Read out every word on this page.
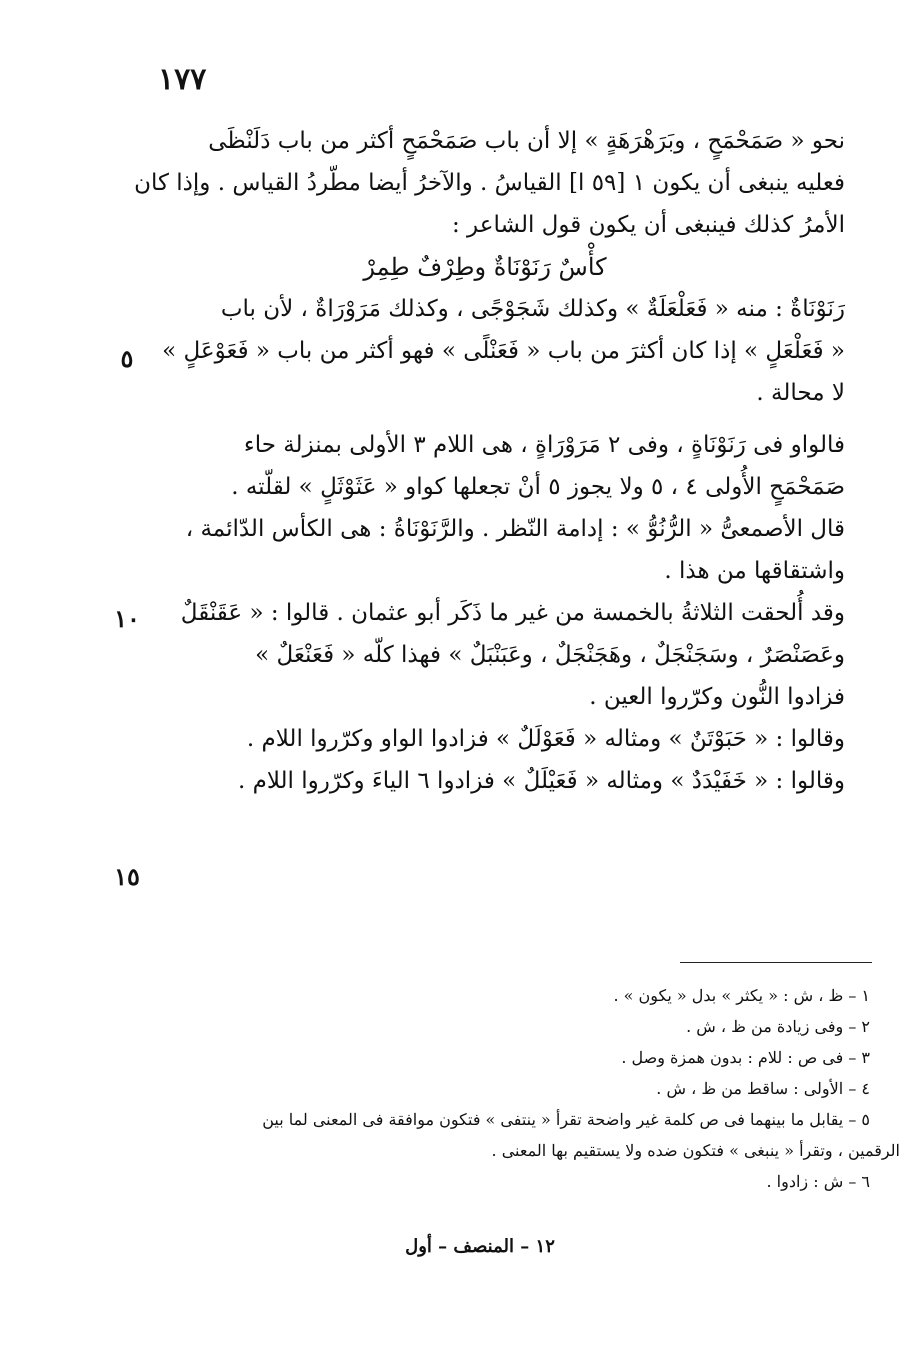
١٧٧

نحو « صَمَحْمَحٍ ، وبَرَهْرَهَةٍ » إلا أن باب صَمَحْمَحٍ أكثر من باب دَلَنْظَى

فعليه ينبغى أن يكون ١ [٥٩ ا] القياسُ . والآخرُ أيضا مطّردُ القياس . وإذا كان

الأمرُ كذلك فينبغى أن يكون قول الشاعر :

كأْسٌ رَنَوْنَاةٌ وطِرْفٌ طِمِرْ

رَنَوْنَاةٌ : منه « فَعَلْعَلَةٌ » وكذلك شَجَوْجًى ، وكذلك مَرَوْرَاةٌ ، لأن باب

« فَعَلْعَلٍ » إذا كان أكثرَ من باب « فَعَنْلًى » فهو أكثر من باب « فَعَوْعَلٍ »

لا محالة .

فالواو فى رَنَوْنَاةٍ ، وفى ٢ مَرَوْرَاةٍ ، هى اللام ٣ الأولى بمنزلة حاء

صَمَحْمَحٍ الأُولى ٤ ، ٥ ولا يجوز ٥ أنْ تجعلها كواو « عَثَوْثَلٍ » لقلّته .

قال الأصمعىُّ « الرُّنُوُّ » : إدامة النّظر . والرَّنَوْنَاةُ : هى الكأس الدّائمة ،

واشتقاقها من هذا .

وقد أُلحقت الثلاثةُ بالخمسة من غير ما ذَكَر أبو عثمان . قالوا : « عَقَنْقَلٌ

وعَصَنْصَرٌ ، وسَجَنْجَلٌ ، وهَجَنْجَلٌ ، وعَبَنْبَلٌ » فهذا كلّه « فَعَنْعَلٌ »

فزادوا النُّون وكرّروا العين .

وقالوا : « حَبَوْتَنٌ » ومثاله « فَعَوْلَلٌ » فزادوا الواو وكرّروا اللام .

وقالوا : « خَفَيْدَدٌ » ومثاله « فَعَيْلَلٌ » فزادوا ٦ الياءَ وكرّروا اللام .

٥
١٠
١٥

١ – ظ ، ش : « يكثر » بدل « يكون » .

٢ – وفى زيادة من ظ ، ش .

٣ – فى ص : للام : بدون همزة وصل .

٤ – الأولى : ساقط من ظ ، ش .

٥ – يقابل ما بينهما فى ص كلمة غير واضحة تقرأ « ينتفى » فتكون موافقة فى المعنى لما بين

الرقمين ، وتقرأ « ينبغى » فتكون ضده ولا يستقيم بها المعنى .

٦ – ش : زادوا .

١٢ – المنصف – أول
